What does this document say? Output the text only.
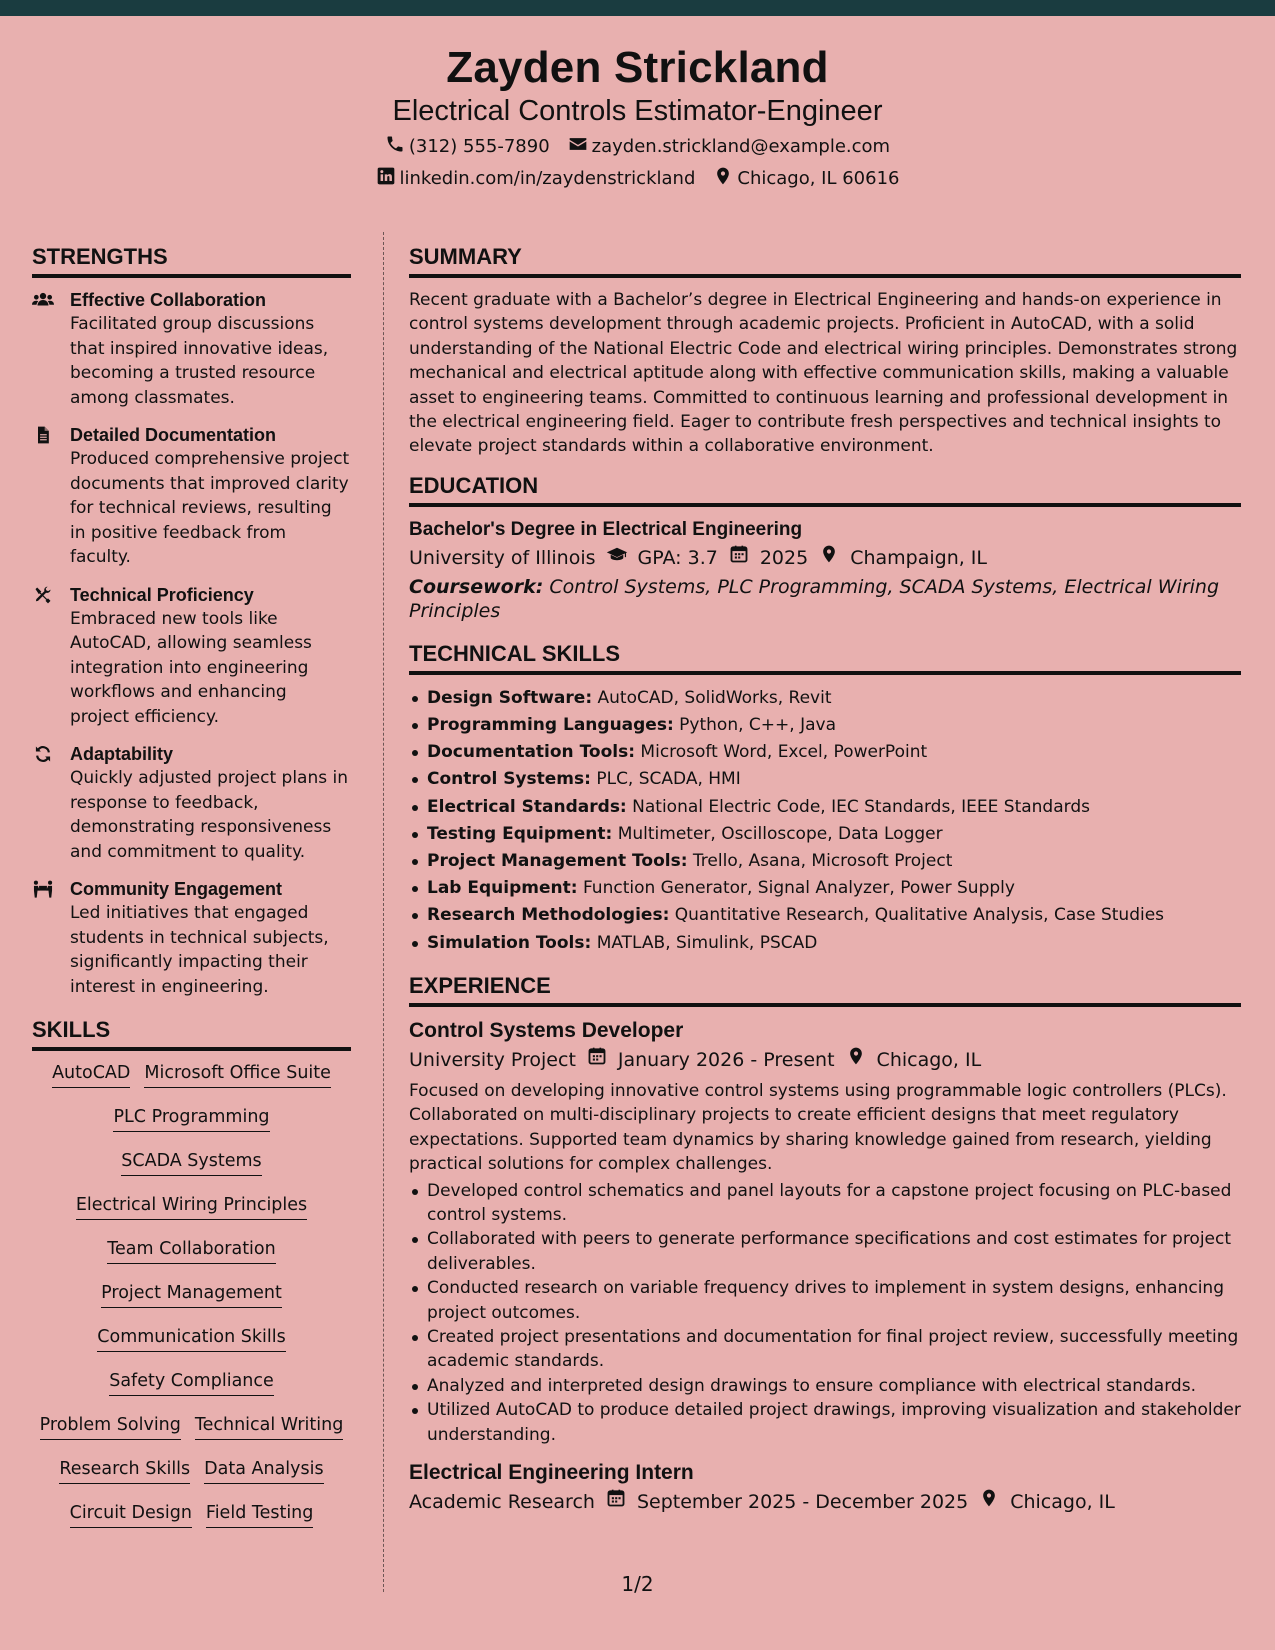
Zayden Strickland
Electrical Controls Estimator-Engineer
(312) 555-7890 zayden.strickland@example.com
linkedin.com/in/zaydenstrickland Chicago, IL 60616
STRENGTHS
Effective Collaboration
Facilitated group discussions that inspired innovative ideas, becoming a trusted resource among classmates.
Detailed Documentation
Produced comprehensive project documents that improved clarity for technical reviews, resulting in positive feedback from faculty.
Technical Proficiency
Embraced new tools like AutoCAD, allowing seamless integration into engineering workflows and enhancing project efficiency.
Adaptability
Quickly adjusted project plans in response to feedback, demonstrating responsiveness and commitment to quality.
Community Engagement
Led initiatives that engaged students in technical subjects, significantly impacting their interest in engineering.
SKILLS
AutoCAD Microsoft Office Suite
PLC Programming
SCADA Systems
Electrical Wiring Principles
Team Collaboration
Project Management
Communication Skills
Safety Compliance
Problem Solving Technical Writing
Research Skills Data Analysis
Circuit Design Field Testing
SUMMARY
Recent graduate with a Bachelor’s degree in Electrical Engineering and hands-on experience in control systems development through academic projects. Proficient in AutoCAD, with a solid understanding of the National Electric Code and electrical wiring principles. Demonstrates strong mechanical and electrical aptitude along with effective communication skills, making a valuable asset to engineering teams. Committed to continuous learning and professional development in the electrical engineering field. Eager to contribute fresh perspectives and technical insights to elevate project standards within a collaborative environment.
EDUCATION
Bachelor's Degree in Electrical Engineering
University of Illinois GPA: 3.7 2025 Champaign, IL
Coursework: Control Systems, PLC Programming, SCADA Systems, Electrical Wiring Principles
TECHNICAL SKILLS
Design Software: AutoCAD, SolidWorks, Revit
Programming Languages: Python, C++, Java
Documentation Tools: Microsoft Word, Excel, PowerPoint
Control Systems: PLC, SCADA, HMI
Electrical Standards: National Electric Code, IEC Standards, IEEE Standards
Testing Equipment: Multimeter, Oscilloscope, Data Logger
Project Management Tools: Trello, Asana, Microsoft Project
Lab Equipment: Function Generator, Signal Analyzer, Power Supply
Research Methodologies: Quantitative Research, Qualitative Analysis, Case Studies
Simulation Tools: MATLAB, Simulink, PSCAD
EXPERIENCE
Control Systems Developer
University Project January 2026 - Present Chicago, IL
Focused on developing innovative control systems using programmable logic controllers (PLCs). Collaborated on multi-disciplinary projects to create efficient designs that meet regulatory expectations. Supported team dynamics by sharing knowledge gained from research, yielding practical solutions for complex challenges.
Developed control schematics and panel layouts for a capstone project focusing on PLC-based control systems.
Collaborated with peers to generate performance specifications and cost estimates for project deliverables.
Conducted research on variable frequency drives to implement in system designs, enhancing project outcomes.
Created project presentations and documentation for final project review, successfully meeting academic standards.
Analyzed and interpreted design drawings to ensure compliance with electrical standards.
Utilized AutoCAD to produce detailed project drawings, improving visualization and stakeholder understanding.
Electrical Engineering Intern
Academic Research September 2025 - December 2025 Chicago, IL
1/2
